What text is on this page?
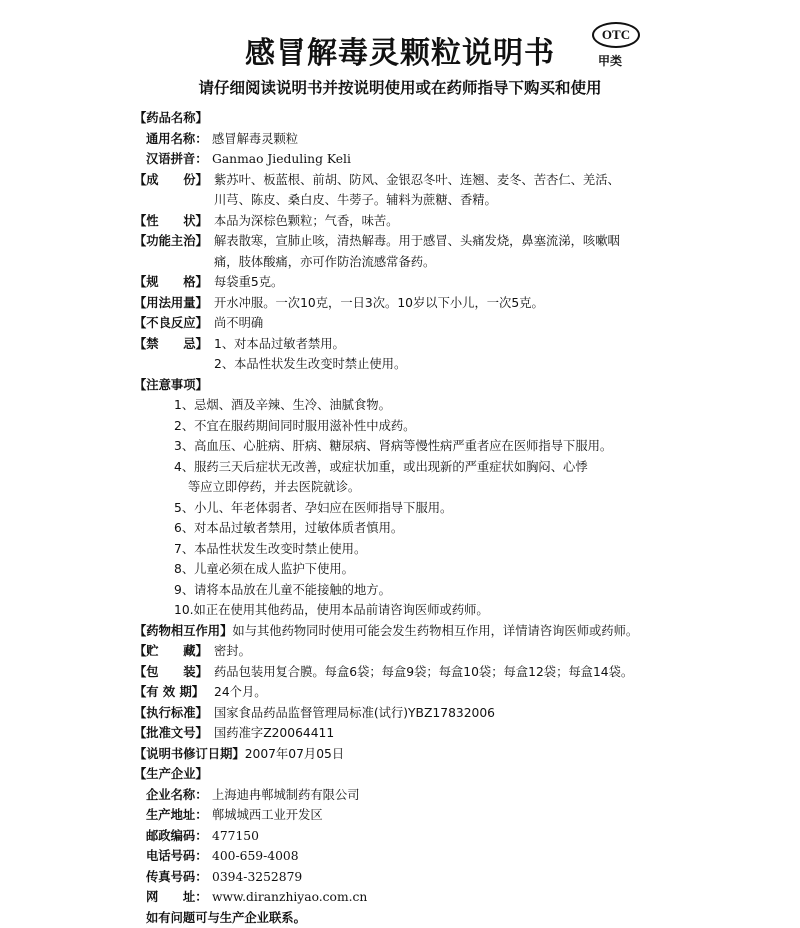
感冒解毒灵颗粒说明书
OTC
甲类
请仔细阅读说明书并按说明使用或在药师指导下购买和使用
【药品名称】
通用名称： 感冒解毒灵颗粒
汉语拼音： Ganmao Jieduling Keli
【成　　份】 紫苏叶、板蓝根、前胡、防风、金银忍冬叶、连翘、麦冬、苦杏仁、羌活、
川芎、陈皮、桑白皮、牛蒡子。辅料为蔗糖、香精。
【性　　状】 本品为深棕色颗粒；气香，味苦。
【功能主治】 解表散寒，宣肺止咳，清热解毒。用于感冒、头痛发烧，鼻塞流涕，咳嗽咽
痛，肢体酸痛，亦可作防治流感常备药。
【规　　格】 每袋重5克。
【用法用量】 开水冲服。一次10克，一日3次。10岁以下小儿，一次5克。
【不良反应】 尚不明确
【禁　　忌】 1、对本品过敏者禁用。
2、本品性状发生改变时禁止使用。
【注意事项】
1、忌烟、酒及辛辣、生冷、油腻食物。
2、不宜在服药期间同时服用滋补性中成药。
3、高血压、心脏病、肝病、糖尿病、肾病等慢性病严重者应在医师指导下服用。
4、服药三天后症状无改善，或症状加重，或出现新的严重症状如胸闷、心悸
等应立即停药，并去医院就诊。
5、小儿、年老体弱者、孕妇应在医师指导下服用。
6、对本品过敏者禁用，过敏体质者慎用。
7、本品性状发生改变时禁止使用。
8、儿童必须在成人监护下使用。
9、请将本品放在儿童不能接触的地方。
10.如正在使用其他药品，使用本品前请咨询医师或药师。
【药物相互作用】 如与其他药物同时使用可能会发生药物相互作用，详情请咨询医师或药师。
【贮　　藏】 密封。
【包　　装】 药品包装用复合膜。每盒6袋；每盒9袋；每盒10袋；每盒12袋；每盒14袋。
【有 效 期】 24个月。
【执行标准】 国家食品药品监督管理局标准(试行)YBZ17832006
【批准文号】 国药准字Z20064411
【说明书修订日期】 2007年07月05日
【生产企业】
企业名称： 上海迪冉郸城制药有限公司
生产地址： 郸城城西工业开发区
邮政编码： 477150
电话号码： 400-659-4008
传真号码： 0394-3252879
网　　址： www.diranzhiyao.com.cn
如有问题可与生产企业联系。
